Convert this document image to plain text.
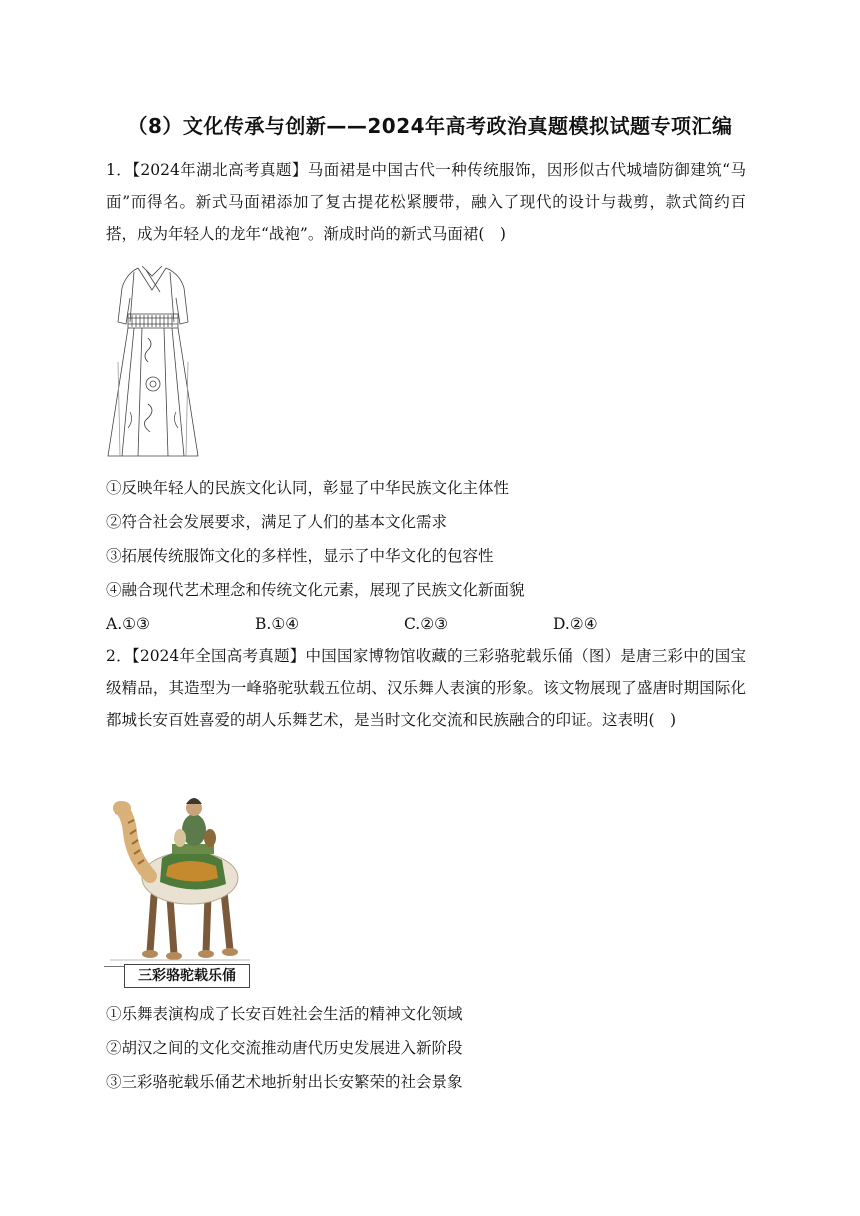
（8）文化传承与创新——2024年高考政治真题模拟试题专项汇编

1．【2024年湖北高考真题】马面裙是中国古代一种传统服饰，因形似古代城墙防御建筑“马面”而得名。新式马面裙添加了复古提花松紧腰带，融入了现代的设计与裁剪，款式简约百搭，成为年轻人的龙年“战袍”。渐成时尚的新式马面裙(　)

①反映年轻人的民族文化认同，彰显了中华民族文化主体性
②符合社会发展要求，满足了人们的基本文化需求
③拓展传统服饰文化的多样性，显示了中华文化的包容性
④融合现代艺术理念和传统文化元素，展现了民族文化新面貌
A.①③	B.①④	C.②③	D.②④

2．【2024年全国高考真题】中国国家博物馆收藏的三彩骆驼载乐俑（图）是唐三彩中的国宝级精品，其造型为一峰骆驼驮载五位胡、汉乐舞人表演的形象。该文物展现了盛唐时期国际化都城长安百姓喜爱的胡人乐舞艺术，是当时文化交流和民族融合的印证。这表明(　)

三彩骆驼载乐俑
①乐舞表演构成了长安百姓社会生活的精神文化领域
②胡汉之间的文化交流推动唐代历史发展进入新阶段
③三彩骆驼载乐俑艺术地折射出长安繁荣的社会景象
